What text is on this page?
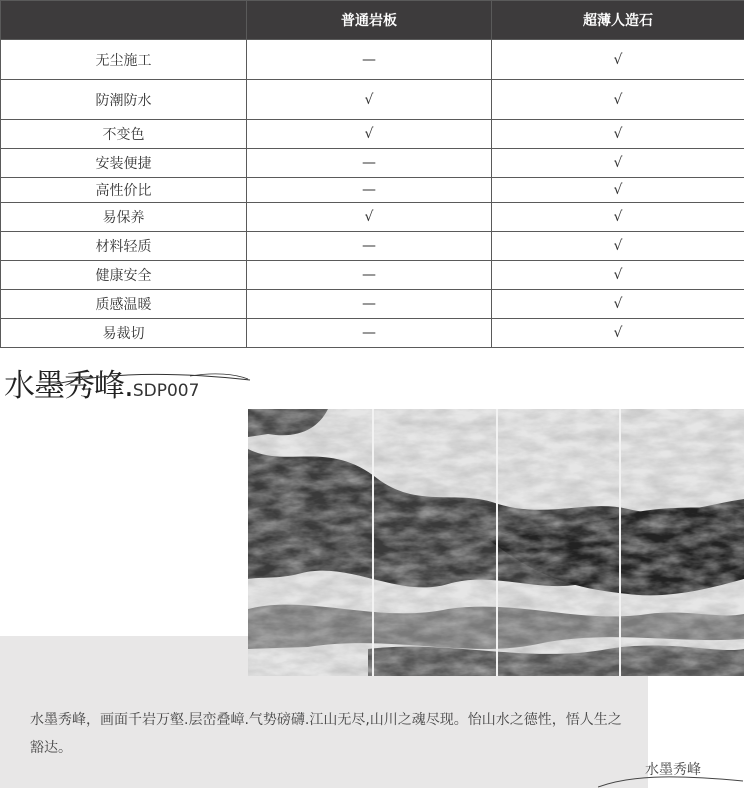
	普通岩板	超薄人造石
无尘施工	—	√
防潮防水	√	√
不变色	√	√
安装便捷	—	√
高性价比	—	√
易保养	√	√
材料轻质	—	√
健康安全	—	√
质感温暖	—	√
易裁切	—	√
水墨秀峰.SDP007

水墨秀峰，画面千岩万壑.层峦叠嶂.气势磅礴.江山无尽,山川之魂尽现。怡山水之德性，悟人生之豁达。

水墨秀峰
